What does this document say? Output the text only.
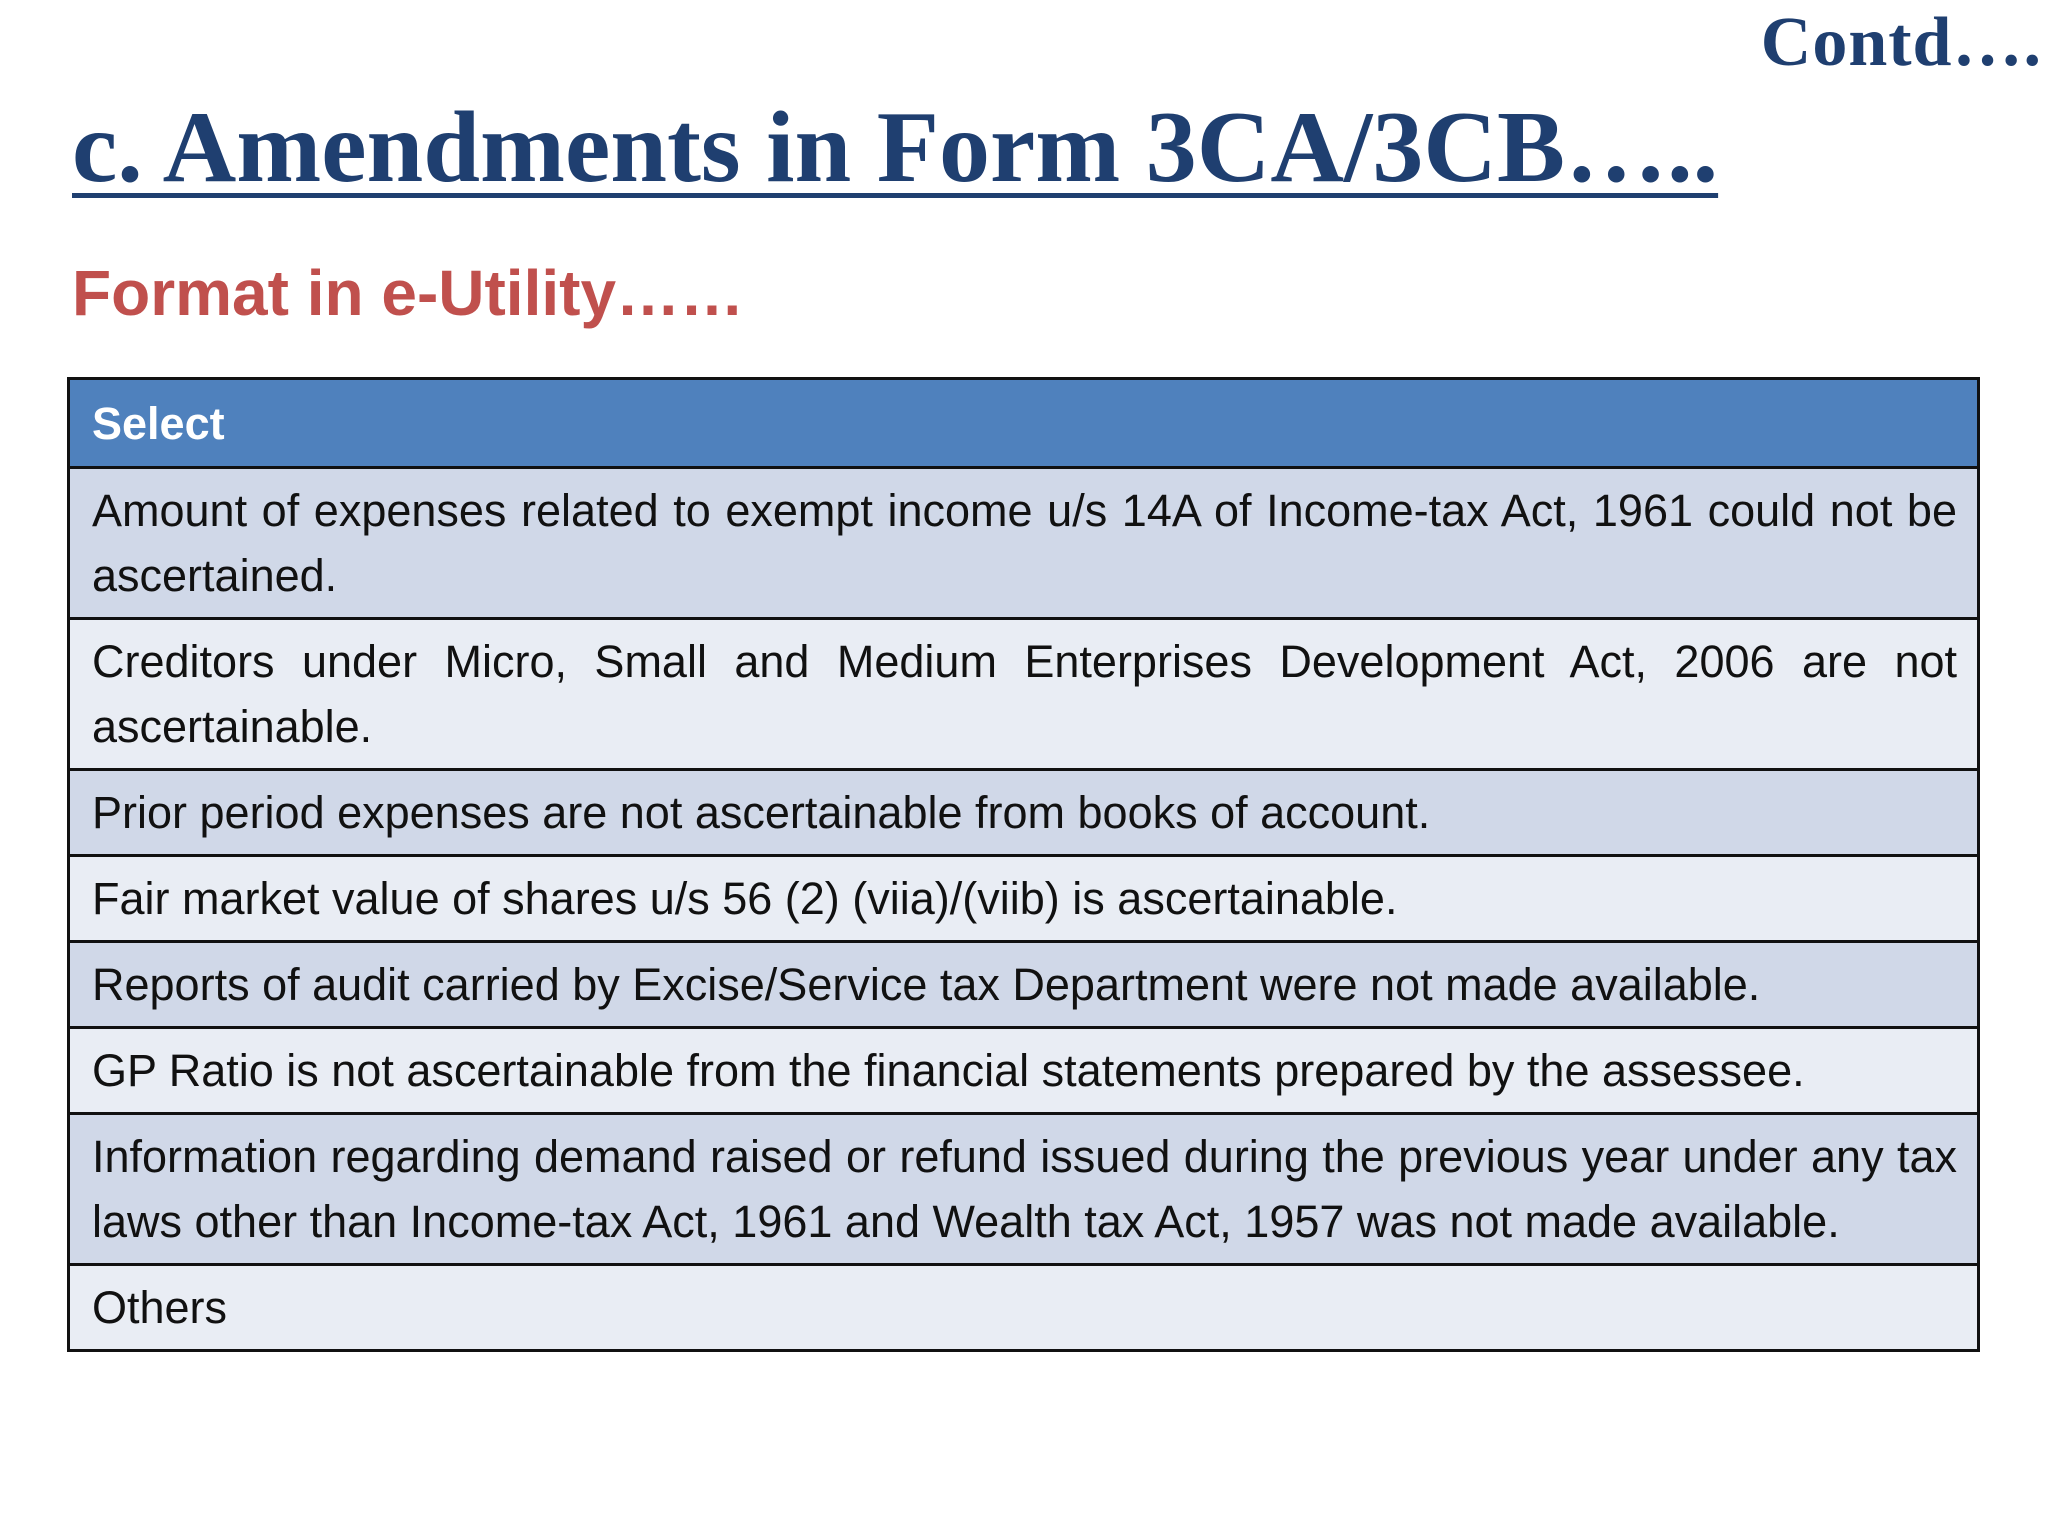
Contd….
c. Amendments in Form 3CA/3CB…..
Format in e-Utility……
Select
Amount of expenses related to exempt income u/s 14A of Income-tax Act, 1961 could not be ascertained.
Creditors under Micro, Small and Medium Enterprises Development Act, 2006 are not ascertainable.
Prior period expenses are not ascertainable from books of account.
Fair market value of shares u/s 56 (2) (viia)/(viib) is ascertainable.
Reports of audit carried by Excise/Service tax Department were not made available.
GP Ratio is not ascertainable from the financial statements prepared by the assessee.
Information regarding demand raised or refund issued during the previous year under any tax laws other than Income-tax Act, 1961 and Wealth tax Act, 1957 was not made available.
Others
